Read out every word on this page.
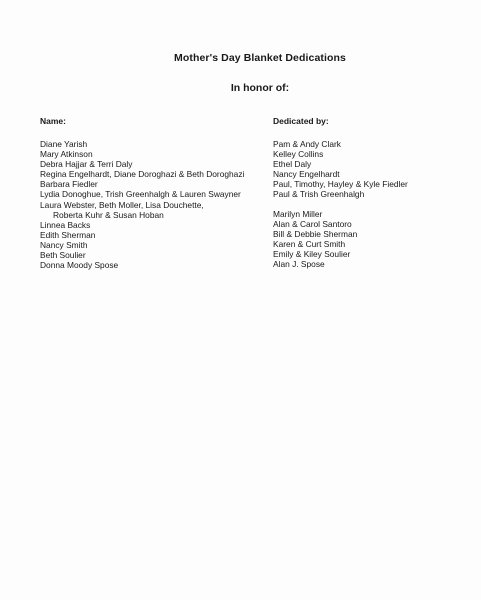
Mother's Day Blanket Dedications
In honor of:
Name:	Dedicated by:
Diane Yarish
Mary Atkinson
Debra Hajjar & Terri Daly
Regina Engelhardt, Diane Doroghazi & Beth Doroghazi
Barbara Fiedler
Lydia Donoghue, Trish Greenhalgh & Lauren Swayner
Laura Webster, Beth Moller, Lisa Douchette,
Roberta Kuhr & Susan Hoban
Linnea Backs
Edith Sherman
Nancy Smith
Beth Soulier
Donna Moody Spose
Pam & Andy Clark
Kelley Collins
Ethel Daly
Nancy Engelhardt
Paul, Timothy, Hayley & Kyle Fiedler
Paul & Trish Greenhalgh
Marilyn Miller
Alan & Carol Santoro
Bill & Debbie Sherman
Karen & Curt Smith
Emily & Kiley Soulier
Alan J. Spose
